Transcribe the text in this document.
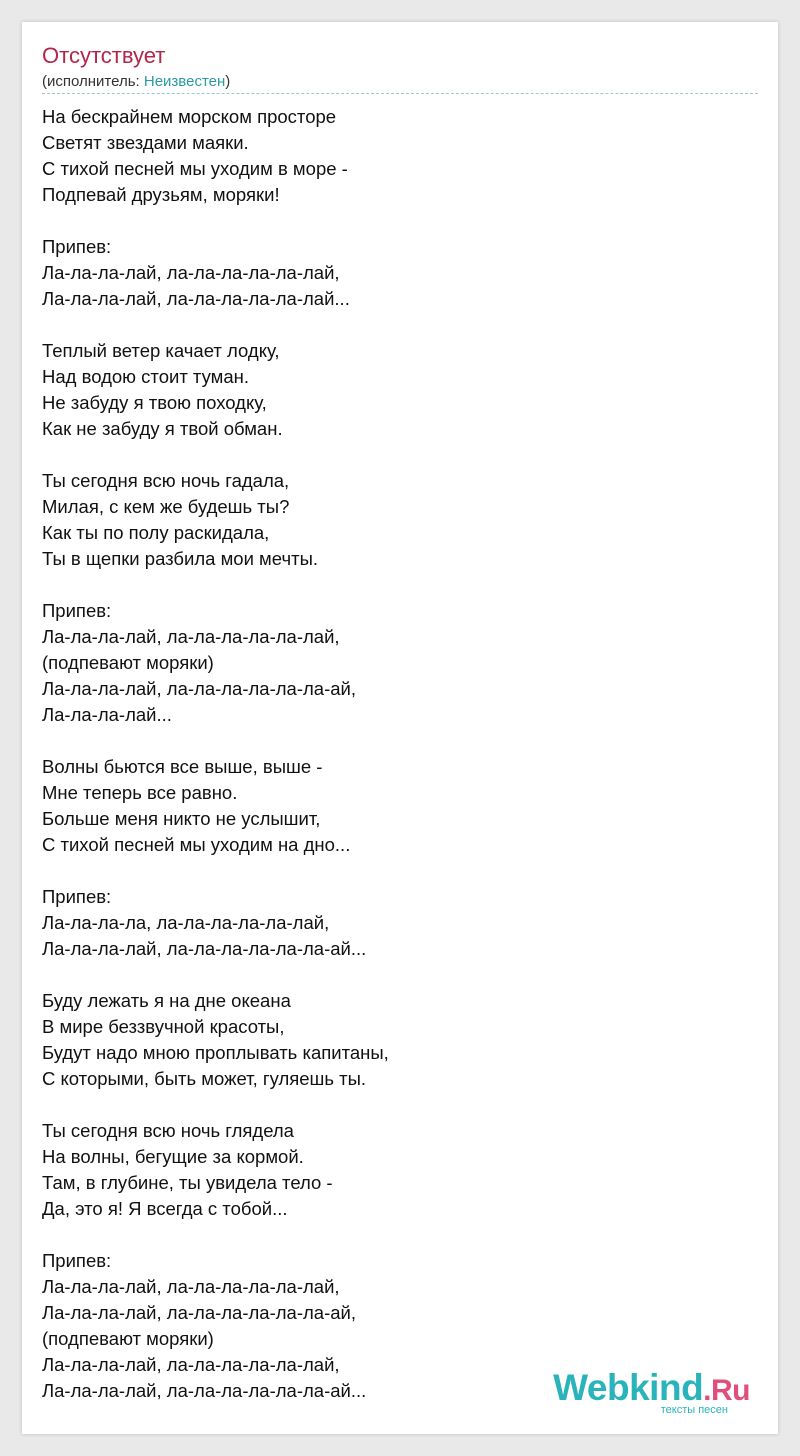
Отсутствует
(исполнитель: Неизвестен)
На бескрайнем морском просторе
Светят звездами маяки.
С тихой песней мы уходим в море -
Подпевай друзьям, моряки!
Припев:
Ла-ла-ла-лай, ла-ла-ла-ла-ла-лай,
Ла-ла-ла-лай, ла-ла-ла-ла-ла-лай...
Теплый ветер качает лодку,
Над водою стоит туман.
Не забуду я твою походку,
Как не забуду я твой обман.
Ты сегодня всю ночь гадала,
Милая, с кем же будешь ты?
Как ты по полу раскидала,
Ты в щепки разбила мои мечты.
Припев:
Ла-ла-ла-лай, ла-ла-ла-ла-ла-лай,
(подпевают моряки)
Ла-ла-ла-лай, ла-ла-ла-ла-ла-ла-ай,
Ла-ла-ла-лай...
Волны бьются все выше, выше -
Мне теперь все равно.
Больше меня никто не услышит,
С тихой песней мы уходим на дно...
Припев:
Ла-ла-ла-ла, ла-ла-ла-ла-ла-лай,
Ла-ла-ла-лай, ла-ла-ла-ла-ла-ла-ай...
Буду лежать я на дне океана
В мире беззвучной красоты,
Будут надо мною проплывать капитаны,
С которыми, быть может, гуляешь ты.
Ты сегодня всю ночь глядела
На волны, бегущие за кормой.
Там, в глубине, ты увидела тело -
Да, это я! Я всегда с тобой...
Припев:
Ла-ла-ла-лай, ла-ла-ла-ла-ла-лай,
Ла-ла-ла-лай, ла-ла-ла-ла-ла-ла-ай,
(подпевают моряки)
Ла-ла-ла-лай, ла-ла-ла-ла-ла-лай,
Ла-ла-ла-лай, ла-ла-ла-ла-ла-ла-ай...	Webkind.Ru
тексты песен
